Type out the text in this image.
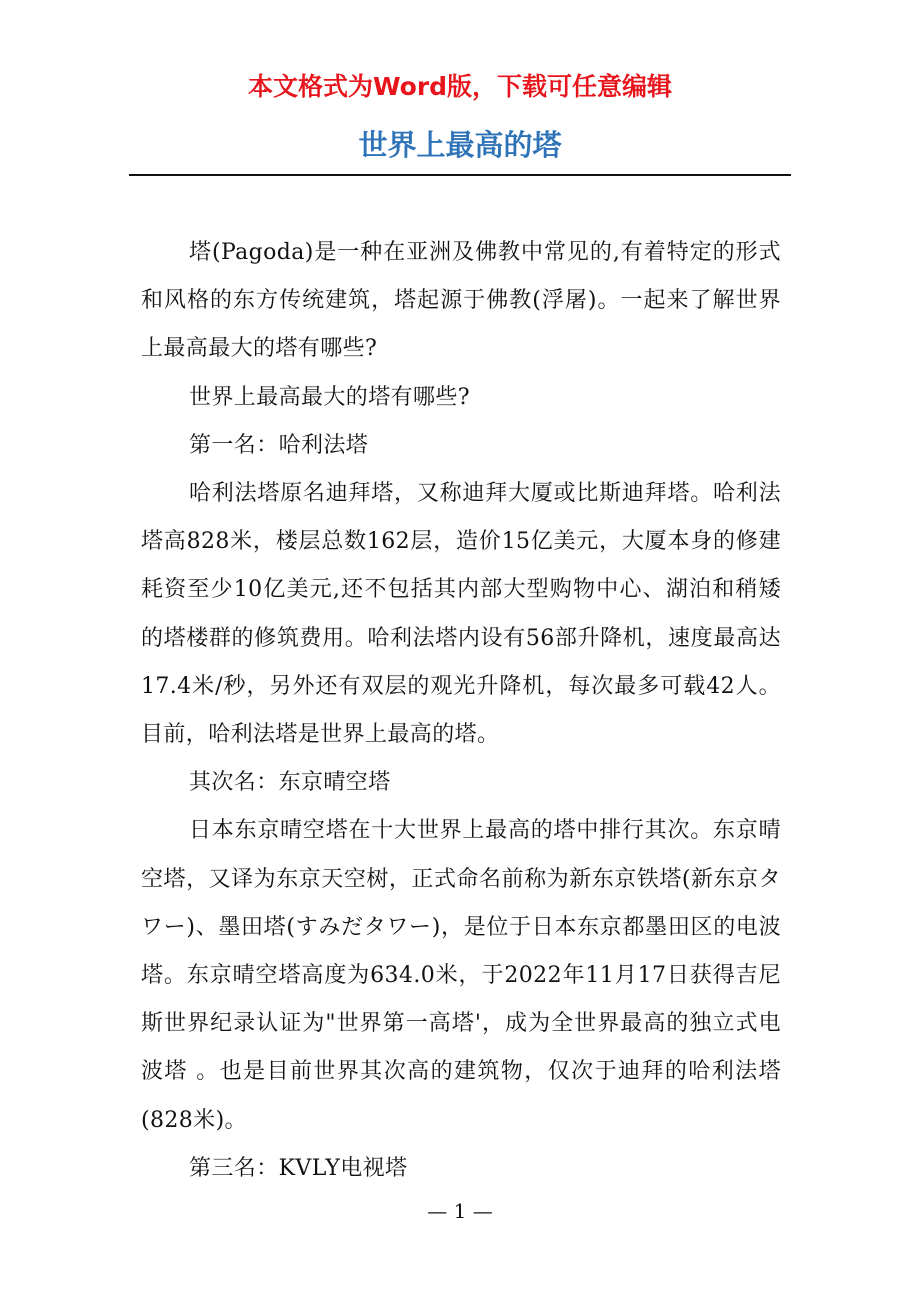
本文格式为Word版，下载可任意编辑
世界上最高的塔

塔(Pagoda)是一种在亚洲及佛教中常见的,有着特定的形式和风格的东方传统建筑，塔起源于佛教(浮屠)。一起来了解世界上最高最大的塔有哪些?

世界上最高最大的塔有哪些?

第一名：哈利法塔

哈利法塔原名迪拜塔，又称迪拜大厦或比斯迪拜塔。哈利法塔高828米，楼层总数162层，造价15亿美元，大厦本身的修建耗资至少10亿美元,还不包括其内部大型购物中心、湖泊和稍矮的塔楼群的修筑费用。哈利法塔内设有56部升降机，速度最高达17.4米/秒，另外还有双层的观光升降机，每次最多可载42人。目前，哈利法塔是世界上最高的塔。

其次名：东京晴空塔

日本东京晴空塔在十大世界上最高的塔中排行其次。东京晴空塔，又译为东京天空树，正式命名前称为新东京铁塔(新东京タワー)、墨田塔(すみだタワー)，是位于日本东京都墨田区的电波塔。东京晴空塔高度为634.0米，于2022年11月17日获得吉尼斯世界纪录认证为"世界第一高塔'，成为全世界最高的独立式电波塔 。也是目前世界其次高的建筑物，仅次于迪拜的哈利法塔(828米)。

第三名：KVLY电视塔

— 1 —
